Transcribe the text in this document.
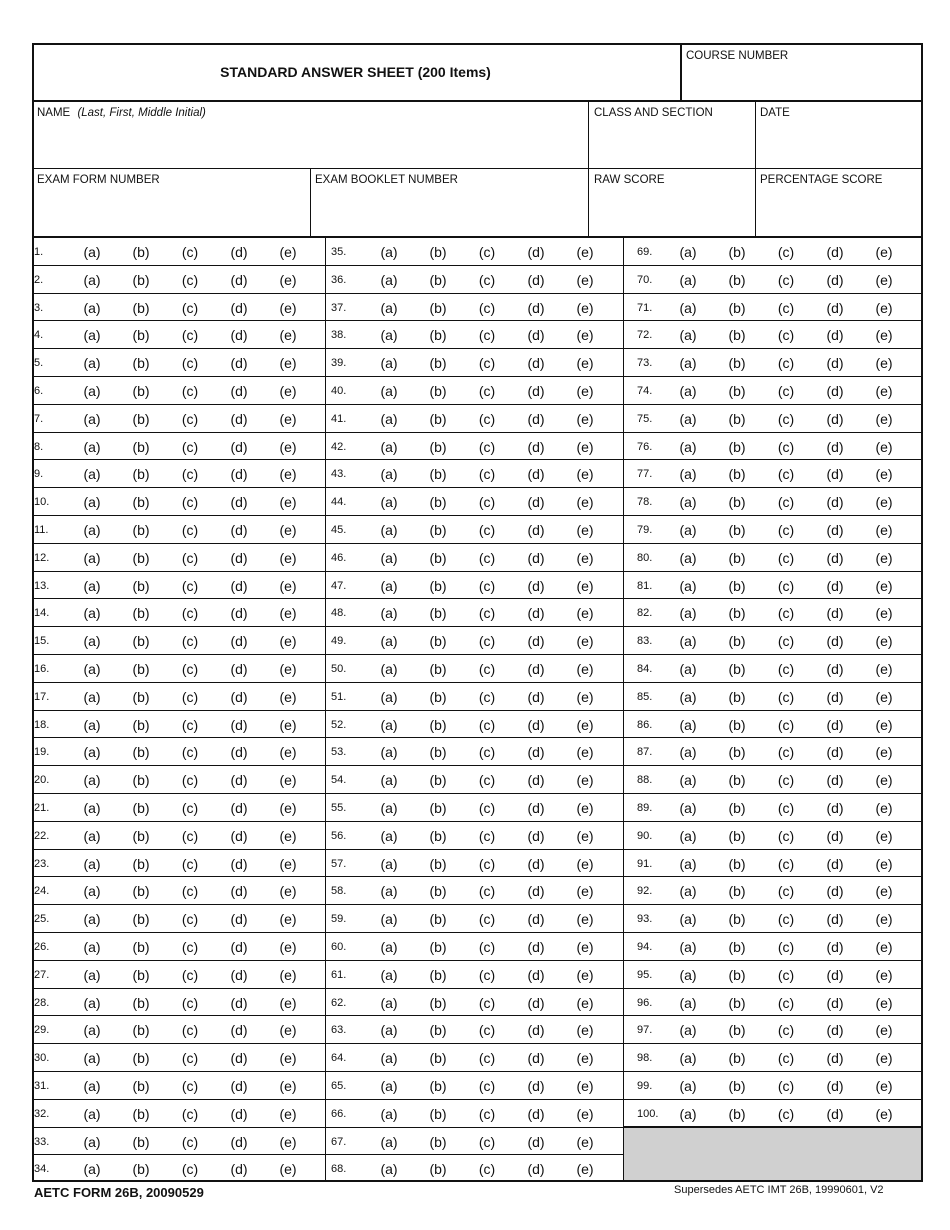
STANDARD ANSWER SHEET (200 Items)
COURSE NUMBER
NAME (Last, First, Middle Initial)	CLASS AND SECTION	DATE
EXAM FORM NUMBER	EXAM BOOKLET NUMBER	RAW SCORE	PERCENTAGE SCORE
1.	(a) (b) (c) (d) (e)
2.	(a) (b) (c) (d) (e)
3.	(a) (b) (c) (d) (e)
4.	(a) (b) (c) (d) (e)
5.	(a) (b) (c) (d) (e)
6.	(a) (b) (c) (d) (e)
7.	(a) (b) (c) (d) (e)
8.	(a) (b) (c) (d) (e)
9.	(a) (b) (c) (d) (e)
10. (a) (b) (c) (d) (e)
11. (a) (b) (c) (d) (e)
12. (a) (b) (c) (d) (e)
13. (a) (b) (c) (d) (e)
14. (a) (b) (c) (d) (e)
15. (a) (b) (c) (d) (e)
16. (a) (b) (c) (d) (e)
17. (a) (b) (c) (d) (e)
18. (a) (b) (c) (d) (e)
19. (a) (b) (c) (d) (e)
20. (a) (b) (c) (d) (e)
21. (a) (b) (c) (d) (e)
22. (a) (b) (c) (d) (e)
23. (a) (b) (c) (d) (e)
24. (a) (b) (c) (d) (e)
25. (a) (b) (c) (d) (e)
26. (a) (b) (c) (d) (e)
27. (a) (b) (c) (d) (e)
28. (a) (b) (c) (d) (e)
29. (a) (b) (c) (d) (e)
30. (a) (b) (c) (d) (e)
31. (a) (b) (c) (d) (e)
32. (a) (b) (c) (d) (e)
33. (a) (b) (c) (d) (e)
34. (a) (b) (c) (d) (e)
35. (a) (b) (c) (d) (e)
36. (a) (b) (c) (d) (e)
37. (a) (b) (c) (d) (e)
38. (a) (b) (c) (d) (e)
39. (a) (b) (c) (d) (e)
40. (a) (b) (c) (d) (e)
41. (a) (b) (c) (d) (e)
42. (a) (b) (c) (d) (e)
43. (a) (b) (c) (d) (e)
44. (a) (b) (c) (d) (e)
45. (a) (b) (c) (d) (e)
46. (a) (b) (c) (d) (e)
47. (a) (b) (c) (d) (e)
48. (a) (b) (c) (d) (e)
49. (a) (b) (c) (d) (e)
50. (a) (b) (c) (d) (e)
51. (a) (b) (c) (d) (e)
52. (a) (b) (c) (d) (e)
53. (a) (b) (c) (d) (e)
54. (a) (b) (c) (d) (e)
55. (a) (b) (c) (d) (e)
56. (a) (b) (c) (d) (e)
57. (a) (b) (c) (d) (e)
58. (a) (b) (c) (d) (e)
59. (a) (b) (c) (d) (e)
60. (a) (b) (c) (d) (e)
61. (a) (b) (c) (d) (e)
62. (a) (b) (c) (d) (e)
63. (a) (b) (c) (d) (e)
64. (a) (b) (c) (d) (e)
65. (a) (b) (c) (d) (e)
66. (a) (b) (c) (d) (e)
67. (a) (b) (c) (d) (e)
68. (a) (b) (c) (d) (e)
69. (a) (b) (c) (d) (e)
70. (a) (b) (c) (d) (e)
71. (a) (b) (c) (d) (e)
72. (a) (b) (c) (d) (e)
73. (a) (b) (c) (d) (e)
74. (a) (b) (c) (d) (e)
75. (a) (b) (c) (d) (e)
76. (a) (b) (c) (d) (e)
77. (a) (b) (c) (d) (e)
78. (a) (b) (c) (d) (e)
79. (a) (b) (c) (d) (e)
80. (a) (b) (c) (d) (e)
81. (a) (b) (c) (d) (e)
82. (a) (b) (c) (d) (e)
83. (a) (b) (c) (d) (e)
84. (a) (b) (c) (d) (e)
85. (a) (b) (c) (d) (e)
86. (a) (b) (c) (d) (e)
87. (a) (b) (c) (d) (e)
88. (a) (b) (c) (d) (e)
89. (a) (b) (c) (d) (e)
90. (a) (b) (c) (d) (e)
91. (a) (b) (c) (d) (e)
92. (a) (b) (c) (d) (e)
93. (a) (b) (c) (d) (e)
94. (a) (b) (c) (d) (e)
95. (a) (b) (c) (d) (e)
96. (a) (b) (c) (d) (e)
97. (a) (b) (c) (d) (e)
98. (a) (b) (c) (d) (e)
99. (a) (b) (c) (d) (e)
100. (a) (b) (c) (d) (e)
AETC FORM 26B, 20090529	Supersedes AETC IMT 26B, 19990601, V2
